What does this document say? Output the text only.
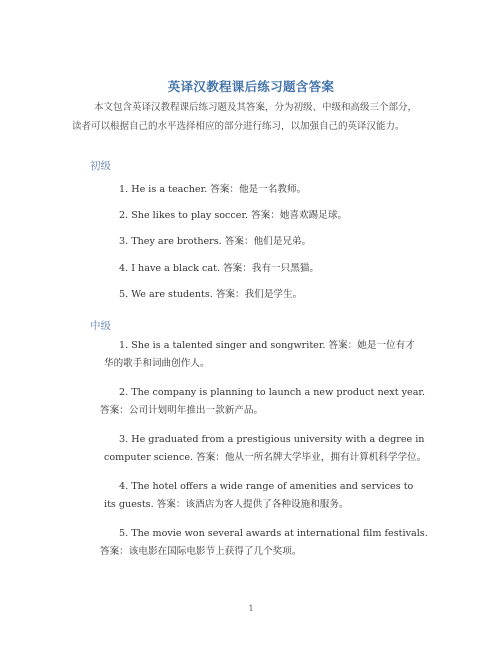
英译汉教程课后练习题含答案
本文包含英译汉教程课后练习题及其答案，分为初级、中级和高级三个部分，
读者可以根据自己的水平选择相应的部分进行练习，以加强自己的英译汉能力。
初级
1. He is a teacher. 答案：他是一名教师。
2. She likes to play soccer. 答案：她喜欢踢足球。
3. They are brothers. 答案：他们是兄弟。
4. I have a black cat. 答案：我有一只黑猫。
5. We are students. 答案：我们是学生。
中级
1. She is a talented singer and songwriter. 答案：她是一位有才
华的歌手和词曲创作人。
2. The company is planning to launch a new product next year.
答案：公司计划明年推出一款新产品。
3. He graduated from a prestigious university with a degree in
computer science. 答案：他从一所名牌大学毕业，拥有计算机科学学位。
4. The hotel offers a wide range of amenities and services to
its guests. 答案：该酒店为客人提供了各种设施和服务。
5. The movie won several awards at international film festivals.
答案：该电影在国际电影节上获得了几个奖项。
1
